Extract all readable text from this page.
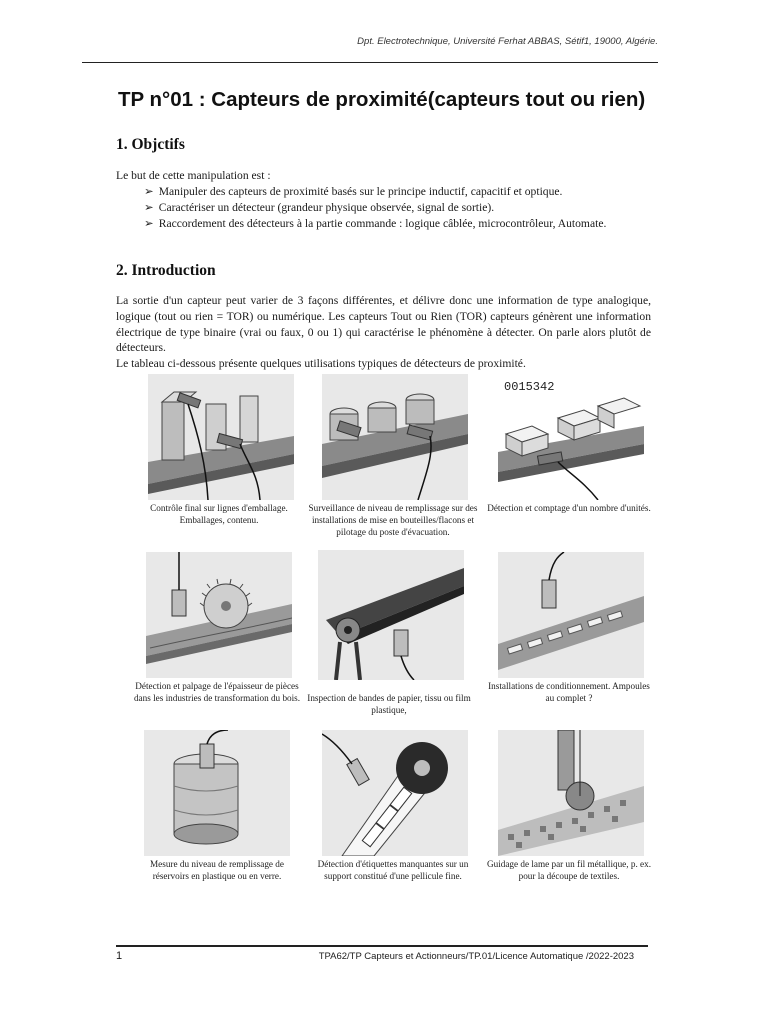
Dpt. Electrotechnique, Université Ferhat ABBAS, Sétif1, 19000, Algérie.
TP n°01 : Capteurs de proximité(capteurs tout ou rien)
1. Objctifs
Le but de cette manipulation est :
➢ Manipuler des capteurs de proximité basés sur le principe inductif, capacitif et optique.
➢ Caractériser un détecteur (grandeur physique observée, signal de sortie).
➢ Raccordement des détecteurs à la partie commande : logique câblée, microcontrôleur, Automate.
2. Introduction
La sortie d'un capteur peut varier de 3 façons différentes, et délivre donc une information de type analogique, logique (tout ou rien = TOR) ou numérique. Les capteurs Tout ou Rien (TOR) capteurs génèrent une information électrique de type binaire (vrai ou faux, 0 ou 1) qui caractérise le phénomène à détecter. On parle alors plutôt de détecteurs.
Le tableau ci-dessous présente quelques utilisations typiques de détecteurs de proximité.
Contrôle final sur lignes d'emballage. Emballages, contenu.
Surveillance de niveau de remplissage sur des installations de mise en bouteilles/flacons et pilotage du poste d'évacuation.
0015342
Détection et comptage d'un nombre d'unités.
Détection et palpage de l'épaisseur de pièces dans les industries de transformation du bois. Inspection de bandes de papier, tissu ou film plastique,
Installations de conditionnement. Ampoules au complet ?
Mesure du niveau de remplissage de réservoirs en plastique ou en verre.
Détection d'étiquettes manquantes sur un support constitué d'une pellicule fine.
Guidage de lame par un fil métallique, p. ex. pour la découpe de textiles.
1	TPA62/TP Capteurs et Actionneurs/TP.01/Licence Automatique /2022-2023
